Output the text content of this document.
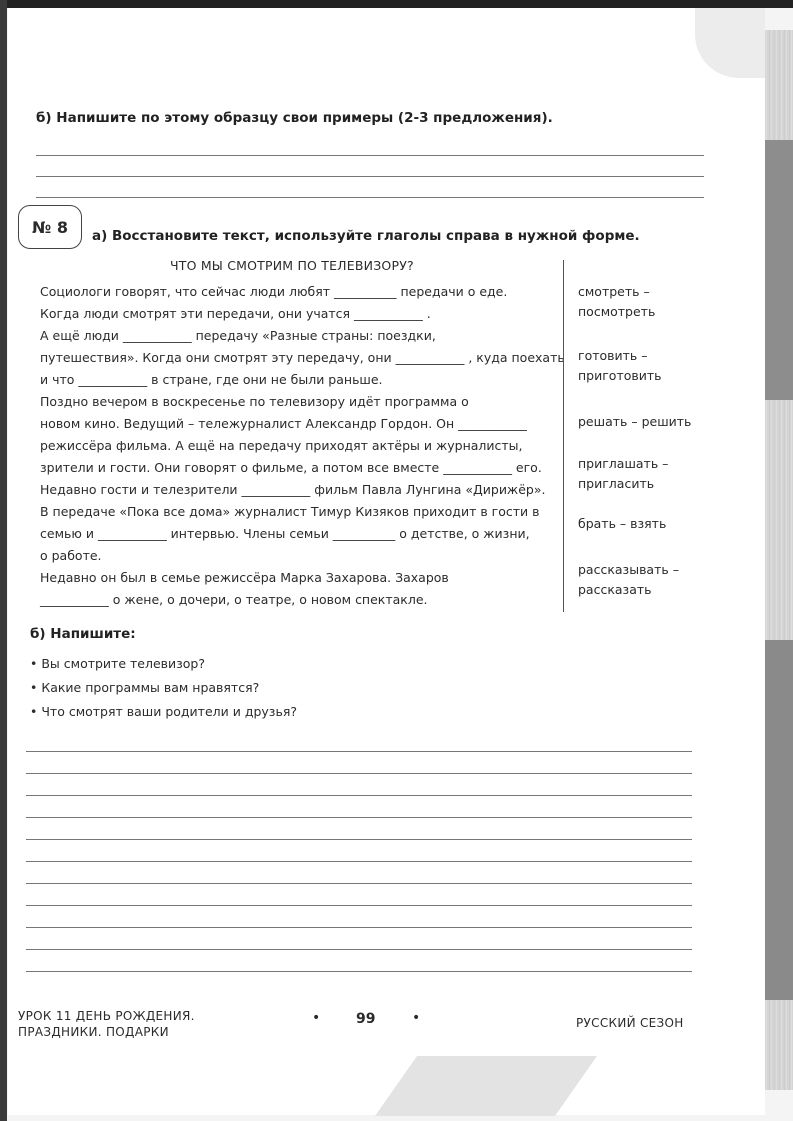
б) Напишите по этому образцу свои примеры (2-3 предложения).
№ 8	а) Восстановите текст, используйте глаголы справа в нужной форме.
ЧТО МЫ СМОТРИМ ПО ТЕЛЕВИЗОРУ?
Социологи говорят, что сейчас люди любят __________ передачи о еде.
Когда люди смотрят эти передачи, они учатся ___________ .
А ещё люди ___________ передачу «Разные страны: поездки,
путешествия». Когда они смотрят эту передачу, они ___________ , куда поехать
и что ___________ в стране, где они не были раньше.
Поздно вечером в воскресенье по телевизору идёт программа о
новом кино. Ведущий – тележурналист Александр Гордон. Он ___________
режиссёра фильма. А ещё на передачу приходят актёры и журналисты,
зрители и гости. Они говорят о фильме, а потом все вместе ___________ его.
Недавно гости и телезрители ___________ фильм Павла Лунгина «Дирижёр».
В передаче «Пока все дома» журналист Тимур Кизяков приходит в гости в
семью и ___________ интервью. Члены семьи __________ о детстве, о жизни,
о работе.
Недавно он был в семье режиссёра Марка Захарова. Захаров
___________ о жене, о дочери, о театре, о новом спектакле.
смотреть –
посмотреть
готовить –
приготовить
решать – решить
приглашать –
пригласить
брать – взять
рассказывать –
рассказать
б) Напишите:
• Вы смотрите телевизор?
• Какие программы вам нравятся?
• Что смотрят ваши родители и друзья?
УРОК 11 ДЕНЬ РОЖДЕНИЯ.
ПРАЗДНИКИ. ПОДАРКИ
•	99	•	РУССКИЙ СЕЗОН
